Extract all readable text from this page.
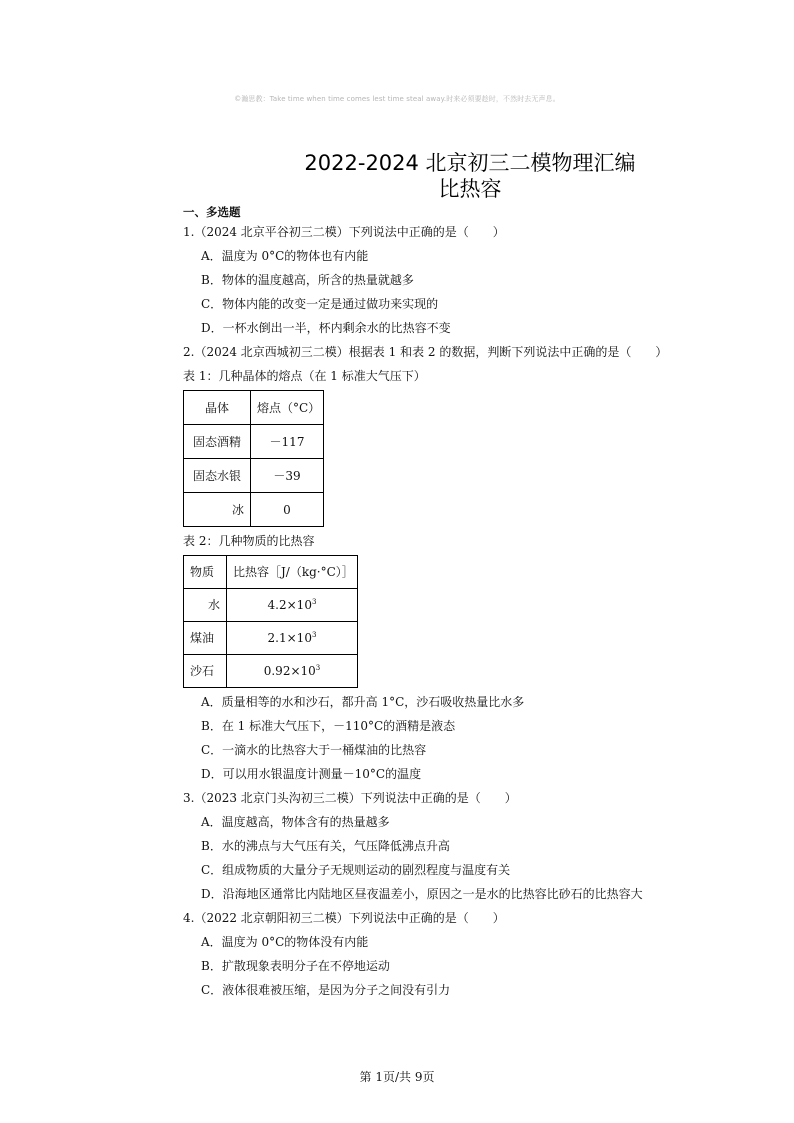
©瀚思教：Take time when time comes lest time steal away.时来必须要趁时，不然时去无声息。
2022-2024 北京初三二模物理汇编
比热容
一、多选题
1.（2024 北京平谷初三二模）下列说法中正确的是（　　）
A．温度为 0°C的物体也有内能
B．物体的温度越高，所含的热量就越多
C．物体内能的改变一定是通过做功来实现的
D．一杯水倒出一半，杯内剩余水的比热容不变
2.（2024 北京西城初三二模）根据表 1 和表 2 的数据，判断下列说法中正确的是（　　）
表 1：几种晶体的熔点（在 1 标准大气压下）
晶体	熔点（°C）
固态酒精	－117
固态水银	－39
冰	0
表 2：几种物质的比热容
物质	比热容［J/（kg·°C）］
水	$4.2\times 10^3$
煤油	$2.1\times 10^3$
沙石	$0.92\times 10^3$
A．质量相等的水和沙石，都升高 1°C，沙石吸收热量比水多
B．在 1 标准大气压下，－110°C的酒精是液态
C．一滴水的比热容大于一桶煤油的比热容
D．可以用水银温度计测量－10°C的温度
3.（2023 北京门头沟初三二模）下列说法中正确的是（　　）
A．温度越高，物体含有的热量越多
B．水的沸点与大气压有关，气压降低沸点升高
C．组成物质的大量分子无规则运动的剧烈程度与温度有关
D．沿海地区通常比内陆地区昼夜温差小，原因之一是水的比热容比砂石的比热容大
4.（2022 北京朝阳初三二模）下列说法中正确的是（　　）
A．温度为 0°C的物体没有内能
B．扩散现象表明分子在不停地运动
C．液体很难被压缩，是因为分子之间没有引力
第 1页/共 9页
